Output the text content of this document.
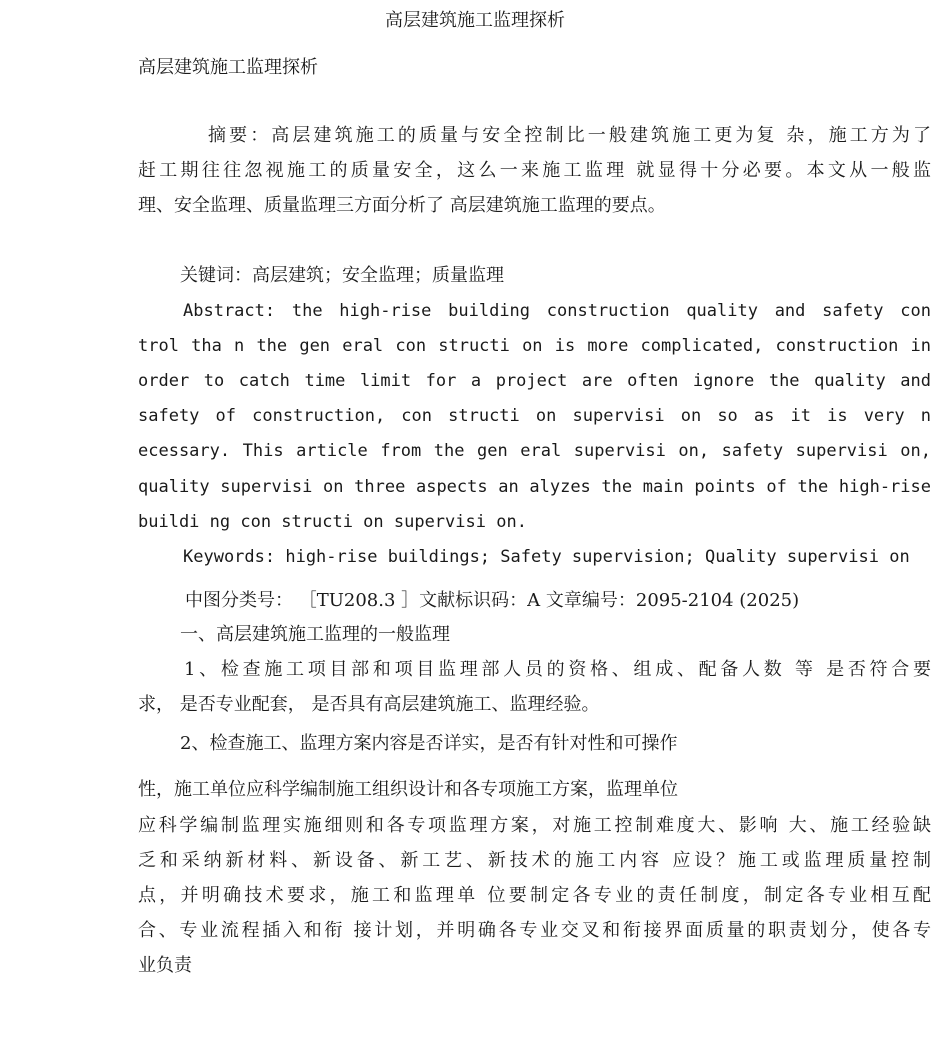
高层建筑施工监理探析
高层建筑施工监理探析
摘要：高层建筑施工的质量与安全控制比一般建筑施工更为复 杂，施工方为了
赶工期往往忽视施工的质量安全，这么一来施工监理 就显得十分必要。本文从一般监
理、安全监理、质量监理三方面分析了 高层建筑施工监理的要点。
关键词：高层建筑；安全监理；质量监理
Abstract: the high-rise building construction quality and safety con
trol tha n the gen eral con structi on is more complicated, construction in
order to catch time limit for a project are often ignore the quality and
safety of construction, con structi on supervisi on so as it is very n
ecessary. This article from the gen eral supervisi on, safety supervisi on,
quality supervisi on three aspects an alyzes the main points of the high-rise
buildi ng con structi on supervisi on.
Keywords: high-rise buildings; Safety supervision; Quality supervisi on
中图分类号： ［TU208.3 ］文献标识码：A 文章编号：2095-2104 (2025)
一、高层建筑施工监理的一般监理
1、检查施工项目部和项目监理部人员的资格、组成、配备人数 等 是否符合要
求， 是否专业配套， 是否具有高层建筑施工、监理经验。
2、检查施工、监理方案内容是否详实，是否有针对性和可操作
性，施工单位应科学编制施工组织设计和各专项施工方案，监理单位
应科学编制监理实施细则和各专项监理方案，对施工控制难度大、影响 大、施工经验缺
乏和采纳新材料、新设备、新工艺、新技术的施工内容 应设？施工或监理质量控制
点，并明确技术要求，施工和监理单 位要制定各专业的责任制度，制定各专业相互配
合、专业流程插入和衔 接计划，并明确各专业交叉和衔接界面质量的职责划分，使各专
业负责
